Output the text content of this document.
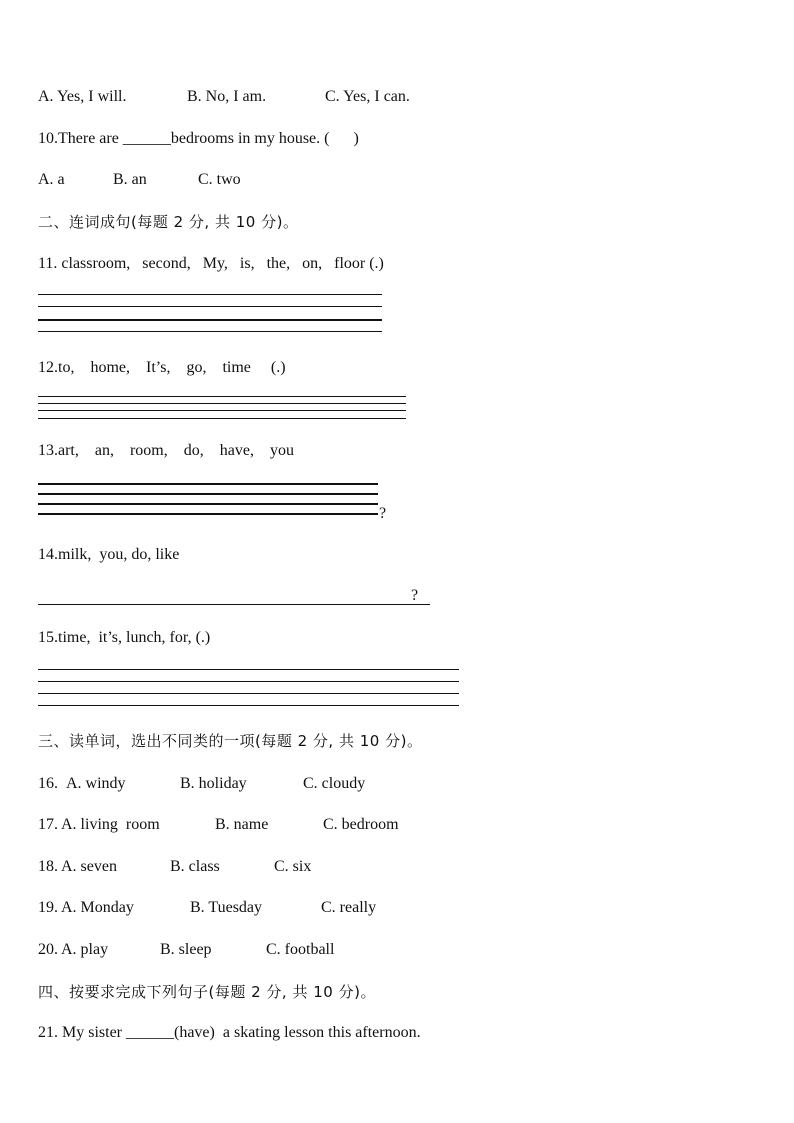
A. Yes, I will.	B. No, I am.	C. Yes, I can.
10.There are ______bedrooms in my house. (      )
A. a	B. an	C. two
二、连词成句(每题 2 分, 共 10 分)。
11. classroom,   second,   My,   is,   the,   on,   floor (.)
12.to,    home,    It’s,    go,    time     (.)
13.art,    an,    room,    do,    have,    you
?
14.milk,  you, do, like
?
15.time,  it’s, lunch, for, (.)
三、读单词，选出不同类的一项(每题 2 分, 共 10 分)。
16. A. windy	B. holiday	C. cloudy
17. A. living  room	B. name	C. bedroom
18. A. seven	B. class	C. six
19. A. Monday	B. Tuesday	C. really
20. A. play	B. sleep	C. football
四、按要求完成下列句子(每题 2 分, 共 10 分)。
21. My sister ______(have)  a skating lesson this afternoon.
